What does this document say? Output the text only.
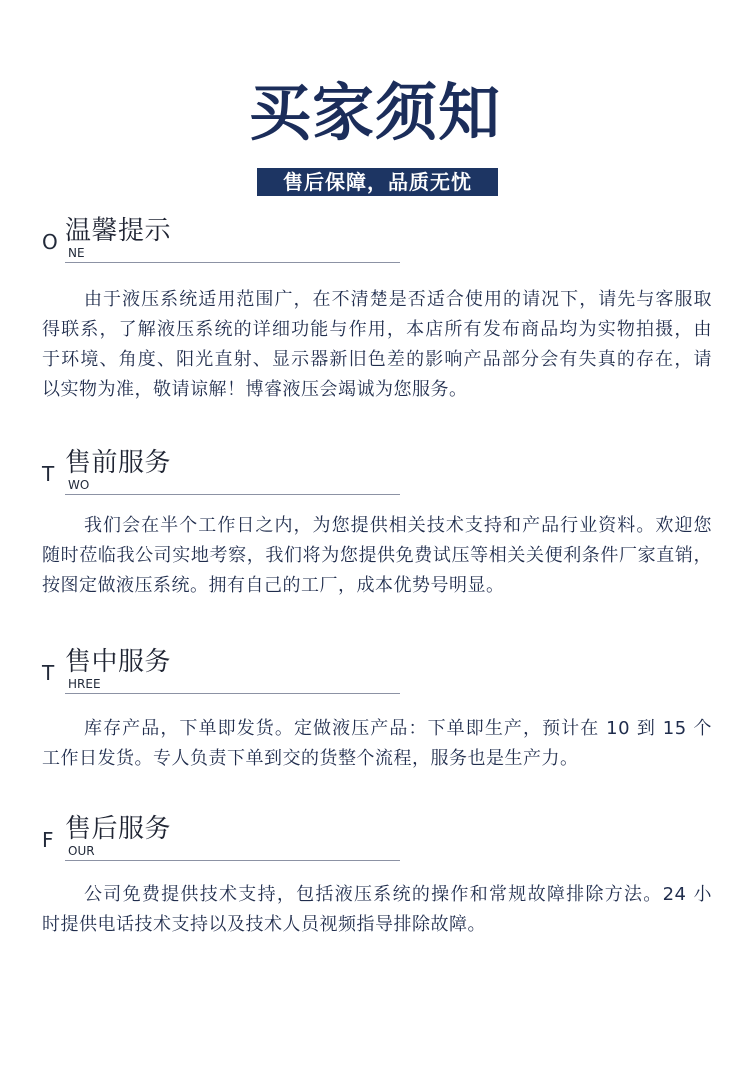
买家须知
售后保障，品质无忧
O NE
温馨提示
由于液压系统适用范围广，在不清楚是否适合使用的请况下，请先与客服取
得联系，了解液压系统的详细功能与作用，本店所有发布商品均为实物拍摄，由
于环境、角度、阳光直射、显示器新旧色差的影响产品部分会有失真的存在，请
以实物为准，敬请谅解！博睿液压会竭诚为您服务。
T WO
售前服务
我们会在半个工作日之内，为您提供相关技术支持和产品行业资料。欢迎您
随时莅临我公司实地考察，我们将为您提供免费试压等相关关便利条件厂家直销，
按图定做液压系统。拥有自己的工厂，成本优势号明显。
T HREE
售中服务
库存产品，下单即发货。定做液压产品：下单即生产，预计在 10 到 15 个
工作日发货。专人负责下单到交的货整个流程，服务也是生产力。
F OUR
售后服务
公司免费提供技术支持，包括液压系统的操作和常规故障排除方法。24 小
时提供电话技术支持以及技术人员视频指导排除故障。
